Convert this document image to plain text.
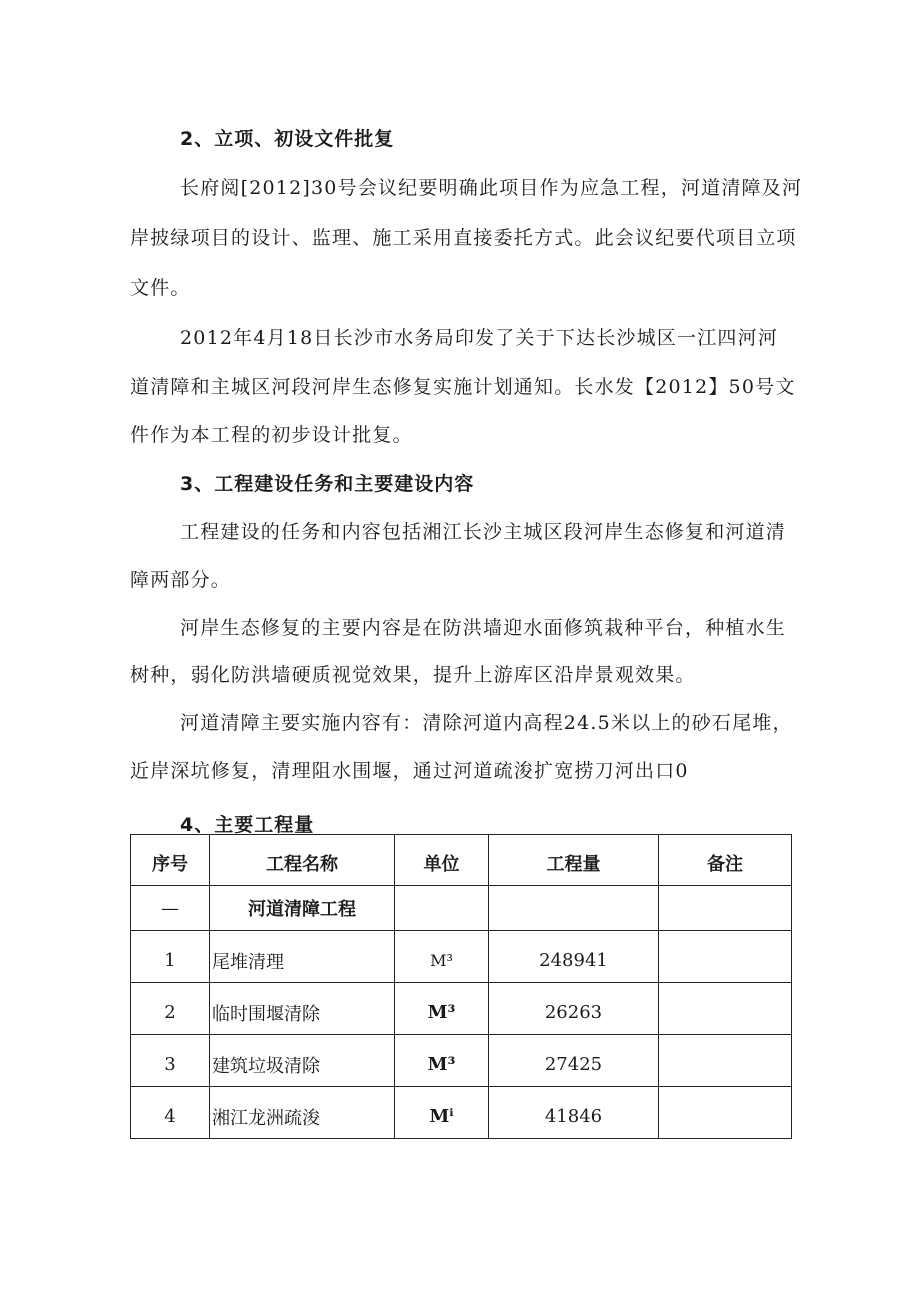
2、立项、初设文件批复
长府阅[2012]30号会议纪要明确此项目作为应急工程，河道清障及河
岸披绿项目的设计、监理、施工采用直接委托方式。此会议纪要代项目立项
文件。
2012年4月18日长沙市水务局印发了关于下达长沙城区一江四河河
道清障和主城区河段河岸生态修复实施计划通知。长水发【2012】50号文
件作为本工程的初步设计批复。
3、工程建设任务和主要建设内容
工程建设的任务和内容包括湘江长沙主城区段河岸生态修复和河道清
障两部分。
河岸生态修复的主要内容是在防洪墙迎水面修筑栽种平台，种植水生
树种，弱化防洪墙硬质视觉效果，提升上游库区沿岸景观效果。
河道清障主要实施内容有：清除河道内高程24.5米以上的砂石尾堆，
近岸深坑修复，清理阻水围堰，通过河道疏浚扩宽捞刀河出口0
4、主要工程量
序号	工程名称	单位	工程量	备注
—	河道清障工程			
1	尾堆清理	M³	248941	
2	临时围堰清除	M³	26263	
3	建筑垃圾清除	M³	27425	
4	湘江龙洲疏浚	Mⁱ	41846	
